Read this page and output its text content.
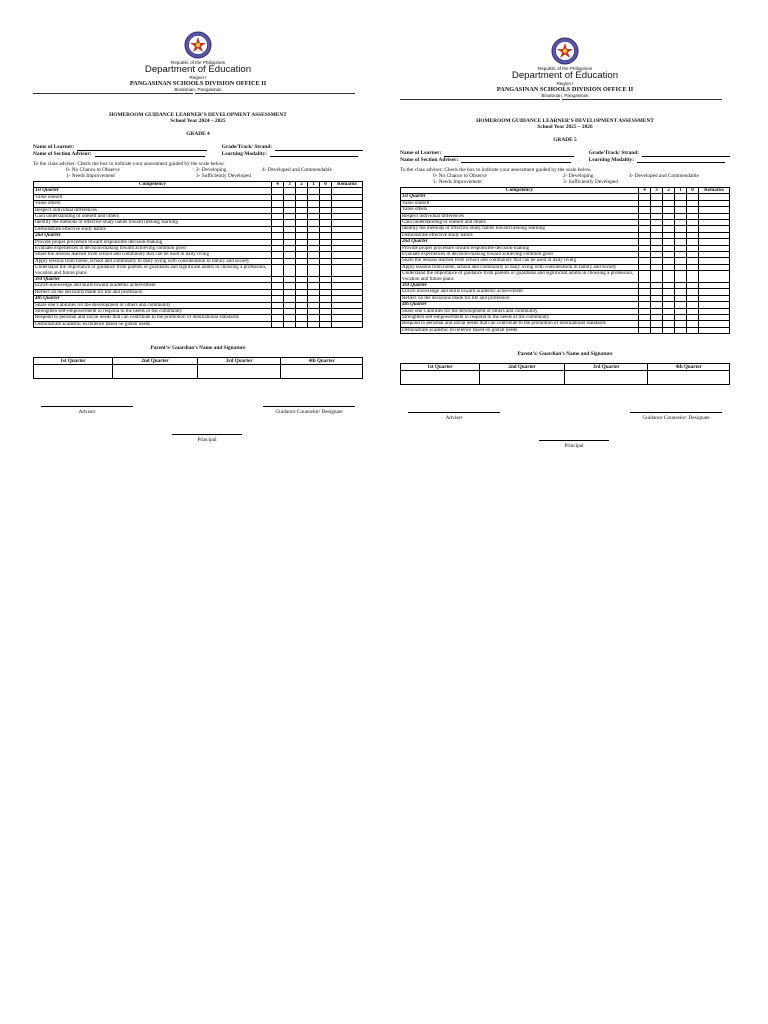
Republic of the Philippines
Department of Education
Region I
PANGASINAN SCHOOLS DIVISION OFFICE II
Binalonan, Pangasinan
HOMEROOM GUIDANCE LEARNER’S DEVELOPMENT ASSESSMENT
School Year 2024 – 2025
GRADE 4
Name of Learner:
Name of Section Advisor:
Grade/Track/ Strand:
Learning Modality:
To the class adviser: Check the box to indicate your assessment guided by the scale below.
0- No Chance to Observe	2- Developing	4- Developed and Commendable
1- Needs Improvement	3- Sufficiently Developed
Competency	4	3	2	1	0	Remarks
1st Quarter						
Value oneself						
Value others						
Respect individual differences						
Gain understanding of oneself and others						
Identify the methods of effective study habits toward lifelong learning						
Demonstrate effective study habits						
2nd Quarter						
Provide proper procedure toward responsible decision-making						
Evaluate experiences in decision-making toward achieving common good						
Share the lessons learned from school and community that can be used in daily living						
Apply lessons from home, school and community to daily living with consideration to family and society						
Understand the importance of guidance from parents or guardians and significant adults in choosing a profession, vocation and future plans						
3rd Quarter						
Enrich knowledge and skills toward academic achievement						
Reflect on the decisions made for life and profession						
4th Quarter						
Share one’s abilities for the development of others and community						
Strengthen self-empowerment to respond to the needs of the community						
Respond to personal and social needs that can contribute to the promotion of international standards						
Demonstrate academic excellence based on global needs						
Parent’s/ Guardian’s Name and Signature
1st Quarter	2nd Quarter	3rd Quarter	4th Quarter

Adviser	Guidance Counselor/ Designate
Principal
Republic of the Philippines
Department of Education
Region I
PANGASINAN SCHOOLS DIVISION OFFICE II
Binalonan, Pangasinan
HOMEROOM GUIDANCE LEARNER’S DEVELOPMENT ASSESSMENT
School Year 2025 – 2026
GRADE 5
Name of Learner:
Name of Section Adviser:
Grade/Track/ Strand:
Learning Modality:
To the class adviser: Check the box to indicate your assessment guided by the scale below.
0- No Chance to Observe	2- Developing	4- Developed and Commendable
1- Needs Improvement	3- Sufficiently Developed
Competency	4	3	2	1	0	Remarks
1st Quarter						
Value oneself						
Value others						
Respect individual differences						
Gain understanding of oneself and others						
Identify the methods of effective study habits toward lifelong learning						
Demonstrate effective study habits						
2nd Quarter						
Provide proper procedure toward responsible decision-making						
Evaluate experiences in decision-making toward achieving common good						
Share the lessons learned from school and community that can be used in daily living						
Apply lessons from home, school and community to daily living with consideration in family and society						
Understand the importance of guidance from parents or guardians and significant adults in choosing a profession, vocation and future plans						
3rd Quarter						
Enrich knowledge and skills toward academic achievement						
Reflect on the decisions made for life and profession						
4th Quarter						
Share one’s abilities for the development of others and community						
Strengthen self-empowerment to respond to the needs of the community						
Respond to personal and social needs that can contribute to the promotion of international standards						
Demonstrate academic excellence based on global needs						
Parent’s/ Guardian’s Name and Signature
1st Quarter	2nd Quarter	3rd Quarter	4th Quarter

Adviser	Guidance Counselor/ Designate
Principal
